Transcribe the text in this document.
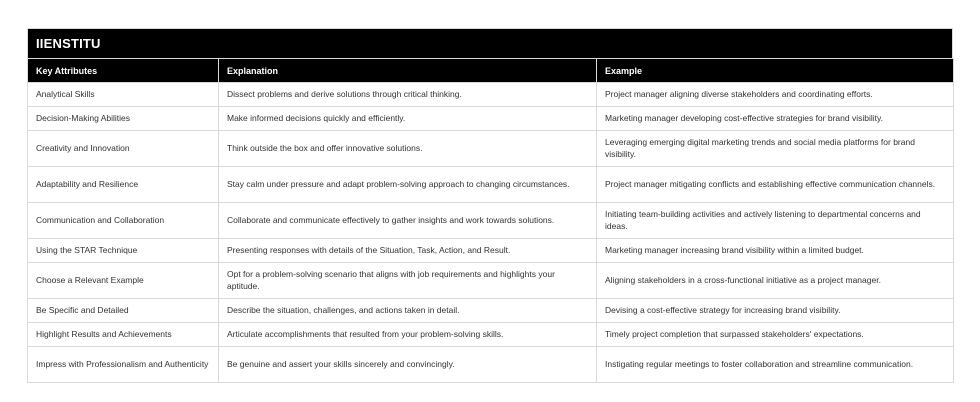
IIENSTITU
Key Attributes	Explanation	Example
Analytical Skills	Dissect problems and derive solutions through critical thinking.	Project manager aligning diverse stakeholders and coordinating efforts.
Decision-Making Abilities	Make informed decisions quickly and efficiently.	Marketing manager developing cost-effective strategies for brand visibility.
Creativity and Innovation	Think outside the box and offer innovative solutions.	Leveraging emerging digital marketing trends and social media platforms for brand visibility.
Adaptability and Resilience	Stay calm under pressure and adapt problem-solving approach to changing circumstances.	Project manager mitigating conflicts and establishing effective communication channels.
Communication and Collaboration	Collaborate and communicate effectively to gather insights and work towards solutions.	Initiating team-building activities and actively listening to departmental concerns and ideas.
Using the STAR Technique	Presenting responses with details of the Situation, Task, Action, and Result.	Marketing manager increasing brand visibility within a limited budget.
Choose a Relevant Example	Opt for a problem-solving scenario that aligns with job requirements and highlights your aptitude.	Aligning stakeholders in a cross-functional initiative as a project manager.
Be Specific and Detailed	Describe the situation, challenges, and actions taken in detail.	Devising a cost-effective strategy for increasing brand visibility.
Highlight Results and Achievements	Articulate accomplishments that resulted from your problem-solving skills.	Timely project completion that surpassed stakeholders' expectations.
Impress with Professionalism and Authenticity	Be genuine and assert your skills sincerely and convincingly.	Instigating regular meetings to foster collaboration and streamline communication.
